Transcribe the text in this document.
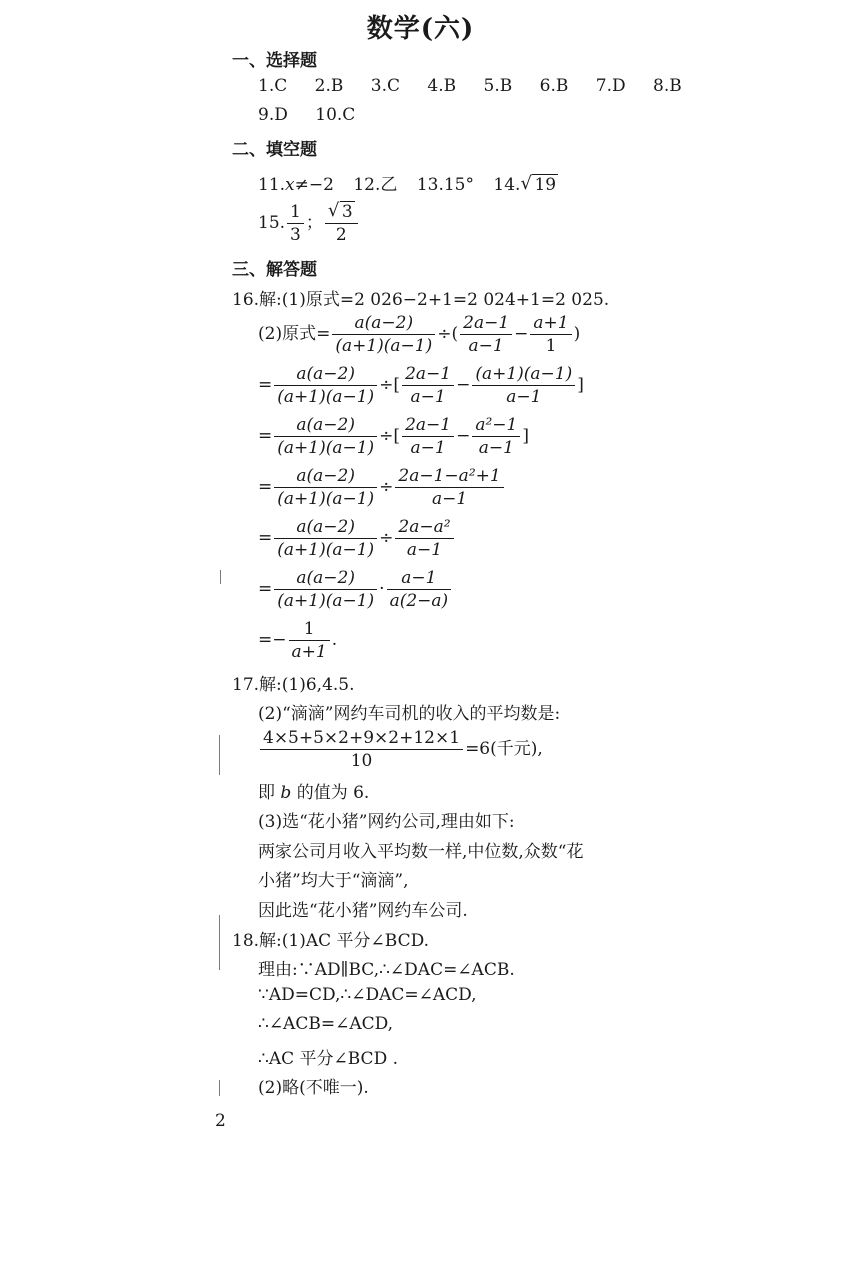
数学(六)
一、选择题
1.C 2.B 3.C 4.B 5.B 6.B 7.D 8.B
9.D 10.C
二、填空题
11.x≠−2 12.乙 13.15° 14. √ 19
15. $\frac{1}{3}$ ； $\frac{√ 3}{2}$
三、解答题
16.解:(1)原式=2 026−2+1=2 024+1=2 025.
(2)原式= $\frac{a(a-2)}{(a+1)(a-1)}$ ÷( $\frac{2a-1}{a-1} - \frac{a+1}{1}$ )
= $\frac{a(a-2)}{(a+1)(a-1)}$ ÷[ $\frac{2a-1}{a-1} - \frac{(a+1)(a-1)}{a-1}$ ]
= $\frac{a(a-2)}{(a+1)(a-1)}$ ÷[ $\frac{2a-1}{a-1} - \frac{\text{a²−1}}{a-1}$ ]
= $\frac{a(a-2)}{(a+1)(a-1)} \div \frac{\text{2a−1−a²+1}}{a-1}$
= $\frac{a(a-2)}{(a+1)(a-1)} \div \frac{\text{2a−a²}}{a-1}$
= $\frac{a(a-2)}{(a+1)(a-1)} \cdot \frac{a-1}{a(2-a)}$
=− $\frac{1}{a+1}$ .
17.解:(1)6,4.5.
(2)“滴滴”网约车司机的收入的平均数是:
$\frac{4\times 5+5\times 2+9\times 2+12\times 1}{10} =6$(千元),
即 b 的值为 6.
(3)选“花小猪”网约公司,理由如下:
两家公司月收入平均数一样,中位数,众数“花
小猪”均大于“滴滴”,
因此选“花小猪”网约车公司.
18.解:(1)AC 平分∠BCD.
理由:∵AD∥BC,∴∠DAC=∠ACB.
∵AD=CD,∴∠DAC=∠ACD,
∴∠ACB=∠ACD,
∴AC 平分∠BCD .
(2)略(不唯一).
2
